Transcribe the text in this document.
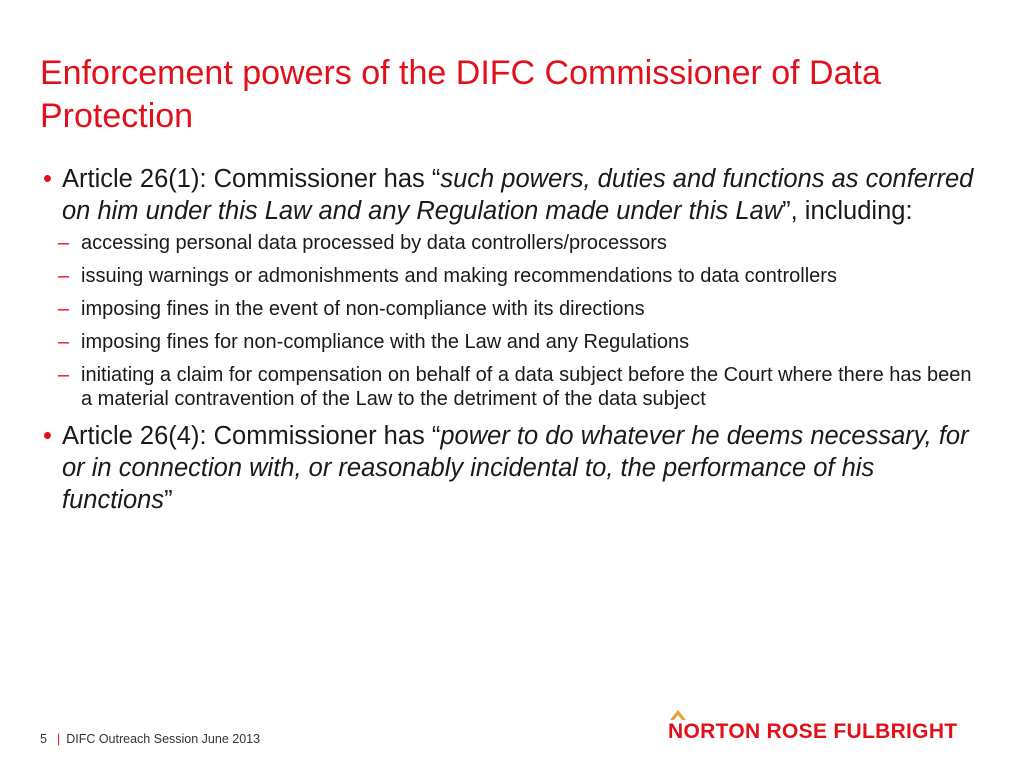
Enforcement powers of the DIFC Commissioner of Data Protection
• Article 26(1): Commissioner has “such powers, duties and functions as conferred on him under this Law and any Regulation made under this Law”, including:
– accessing personal data processed by data controllers/processors
– issuing warnings or admonishments and making recommendations to data controllers
– imposing fines in the event of non-compliance with its directions
– imposing fines for non-compliance with the Law and any Regulations
– initiating a claim for compensation on behalf of a data subject before the Court where there has been a material contravention of the Law to the detriment of the data subject
• Article 26(4): Commissioner has “power to do whatever he deems necessary, for or in connection with, or reasonably incidental to, the performance of his functions”
5 | DIFC Outreach Session June 2013	NORTON ROSE FULBRIGHT
